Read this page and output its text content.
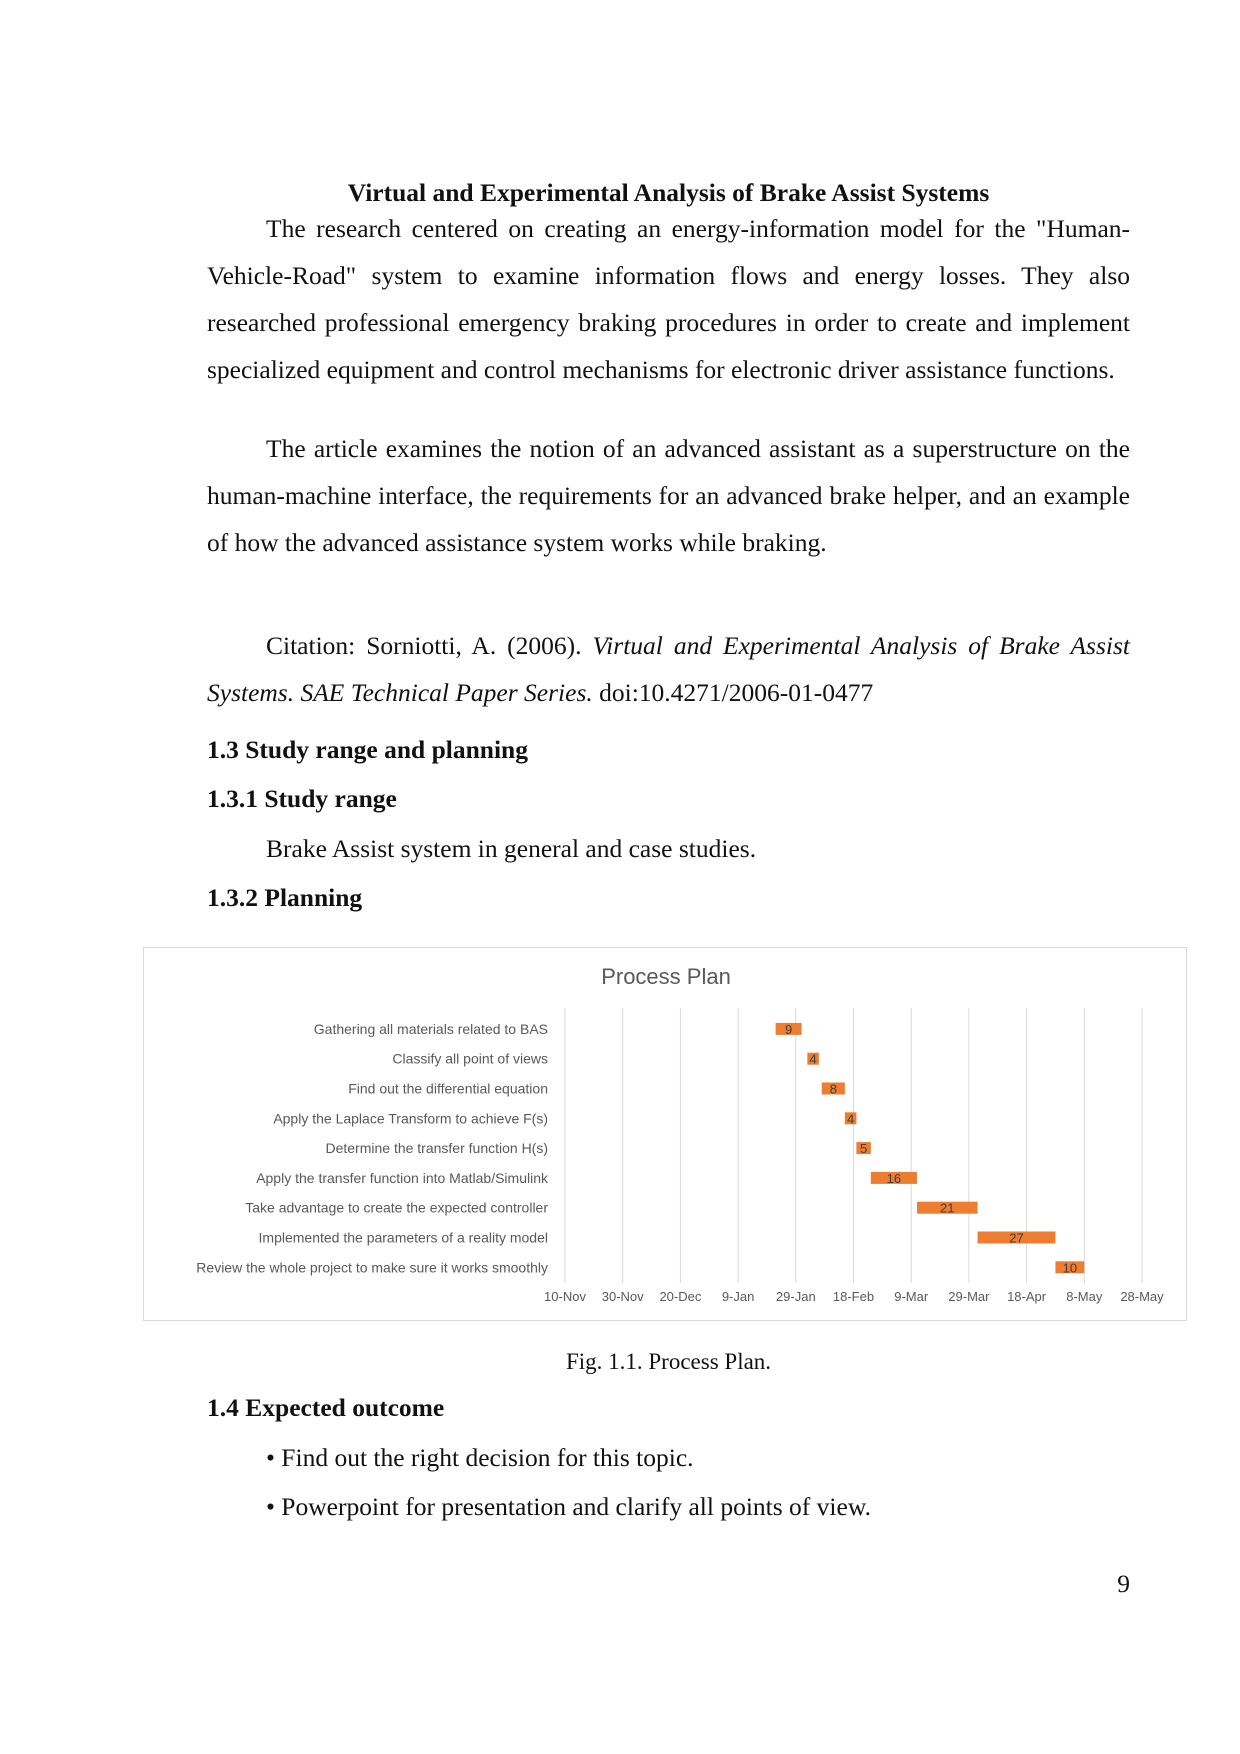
Virtual and Experimental Analysis of Brake Assist Systems

The research centered on creating an energy-information model for the "Human-Vehicle-Road" system to examine information flows and energy losses. They also researched professional emergency braking procedures in order to create and implement specialized equipment and control mechanisms for electronic driver assistance functions.

The article examines the notion of an advanced assistant as a superstructure on the human-machine interface, the requirements for an advanced brake helper, and an example of how the advanced assistance system works while braking.

Citation: Sorniotti, A. (2006). Virtual and Experimental Analysis of Brake Assist Systems. SAE Technical Paper Series. doi:10.4271/2006-01-0477

1.3 Study range and planning
1.3.1 Study range

Brake Assist system in general and case studies.

1.3.2 Planning
Process Plan
Gathering all materials related to BAS
Classify all point of views
Find out the differential equation
Apply the Laplace Transform to achieve F(s)
Determine the transfer function H(s)
Apply the transfer function into Matlab/Simulink
Take advantage to create the expected controller
Implemented the parameters of a reality model
Review the whole project to make sure it works smoothly
9
4
8
4
5
16
21
27
10
10-Nov 30-Nov 20-Dec 9-Jan 29-Jan 18-Feb 9-Mar 29-Mar 18-Apr 8-May 28-May

Fig. 1.1. Process Plan.

1.4 Expected outcome

• Find out the right decision for this topic.

• Powerpoint for presentation and clarify all points of view.

9
